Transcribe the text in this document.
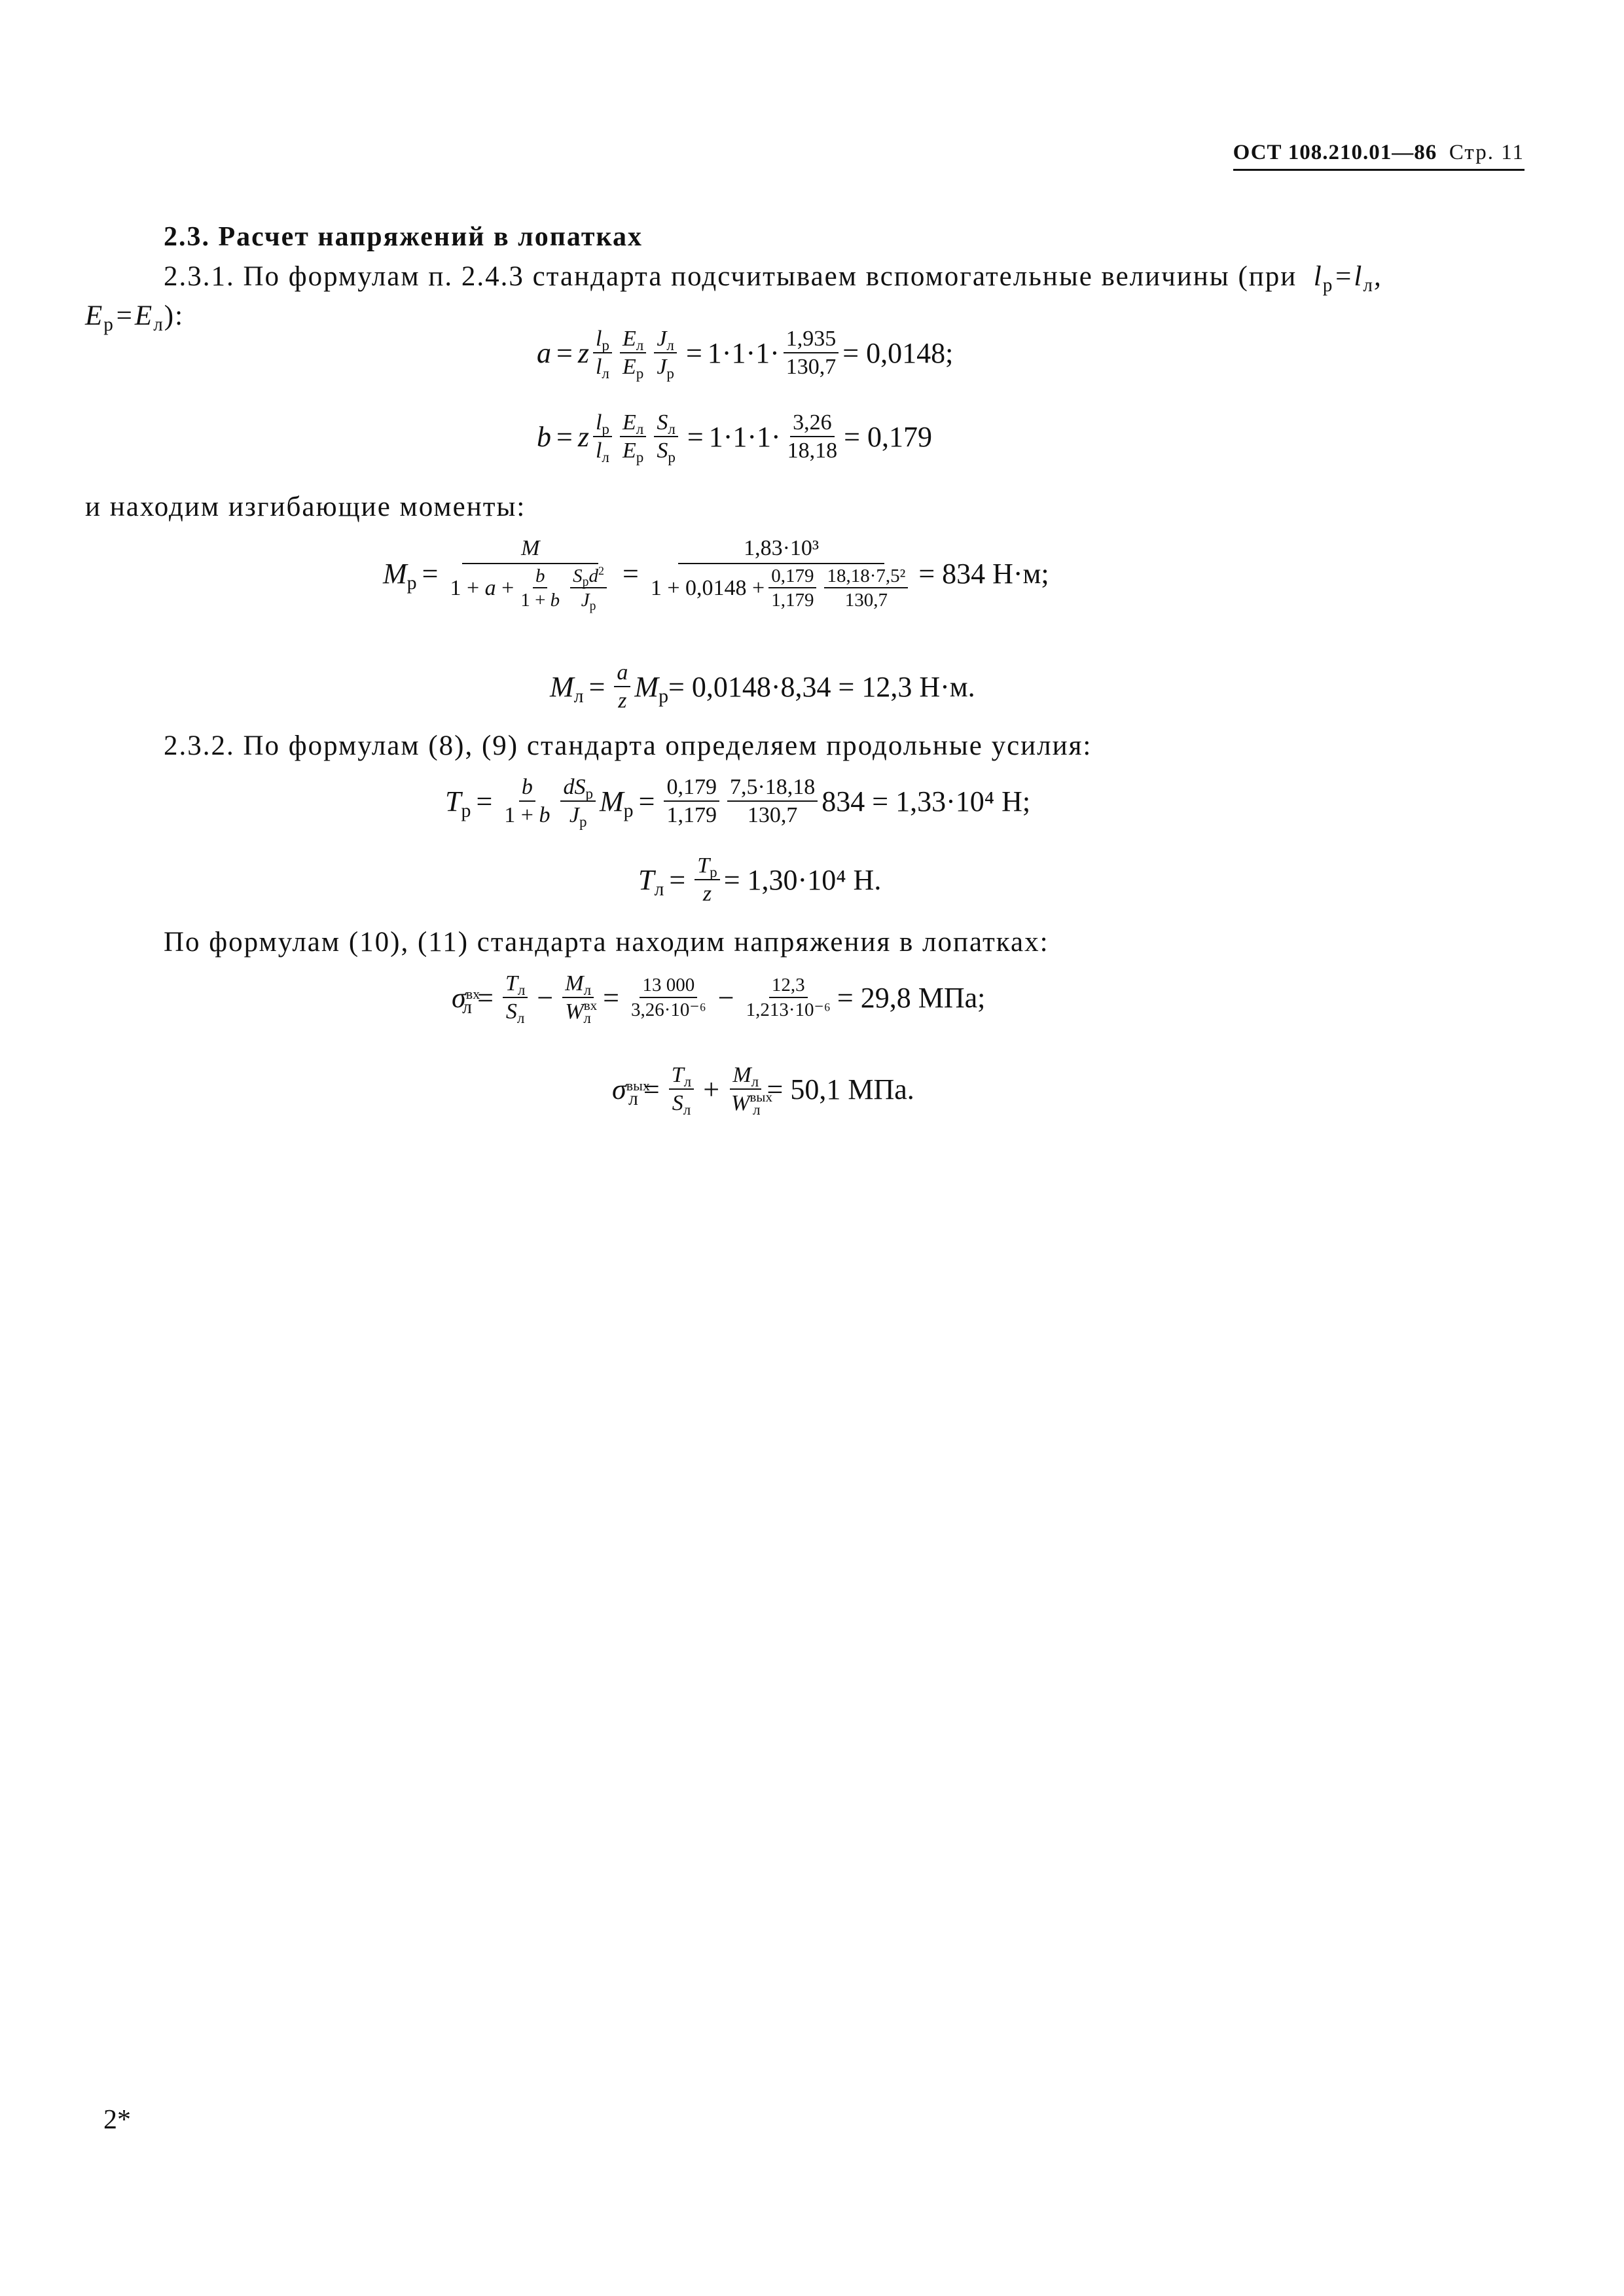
ОСТ 108.210.01—86 Стр. 11
2.3. Расчет напряжений в лопатках
2.3.1. По формулам п. 2.4.3 стандарта подсчитываем вспомогательные величины (при  $l_р=l_л$,
$E_р=E_л$):
a = z $\frac{l_р}{l_л} \frac{E_л}{E_р} \frac{J_л}{J_р} = 1\cdot 1\cdot 1\cdot \frac{1,935}{130,7} = 0,0148$;
b = z $\frac{l_р}{l_л} \frac{E_л}{E_р} \frac{S_л}{S_р} = 1\cdot 1\cdot 1\cdot \frac{3,26}{18,18} = 0,179$
и находим изгибающие моменты:
$M_р = \frac{M}{1 + a + \frac{b}{1 + b} \frac{S_рd^2}{J_р}} = \frac{\text{1,83·10³}}{1 + 0,0148 + \frac{0,179}{1,179} \frac{\text{18,18·7,5²}}{130,7}} = 834$ Н·м;
$M_л = \frac{a}{z} M_р = 0,0148\cdot 8,34 = 12,3$ Н·м.
2.3.2. По формулам (8), (9) стандарта определяем продольные усилия:
$T_р = \frac{b}{1 + b} \frac{dS_р}{J_р} M_р = \frac{0,179}{1,179} \frac{7,5\cdot 18,18}{130,7} 834 = 1,33\cdot 10^4$ Н;
$T_л = \frac{T_р}{z} = 1,30\cdot 10^4$ Н.
По формулам (10), (11) стандарта находим напряжения в лопатках:
$\sigma^{вх}_л = \frac{T_л}{S_л} - \frac{M_л}{W^{вх}_л} = \frac{13 000}{\text{3,26·10⁻⁶}} - \frac{12,3}{\text{1,213·10⁻⁶}} = 29,8$ МПа;
$\sigma^{вых}_л = \frac{T_л}{S_л} + \frac{M_л}{W^{вых}_л} = 50,1$ МПа.
2*
